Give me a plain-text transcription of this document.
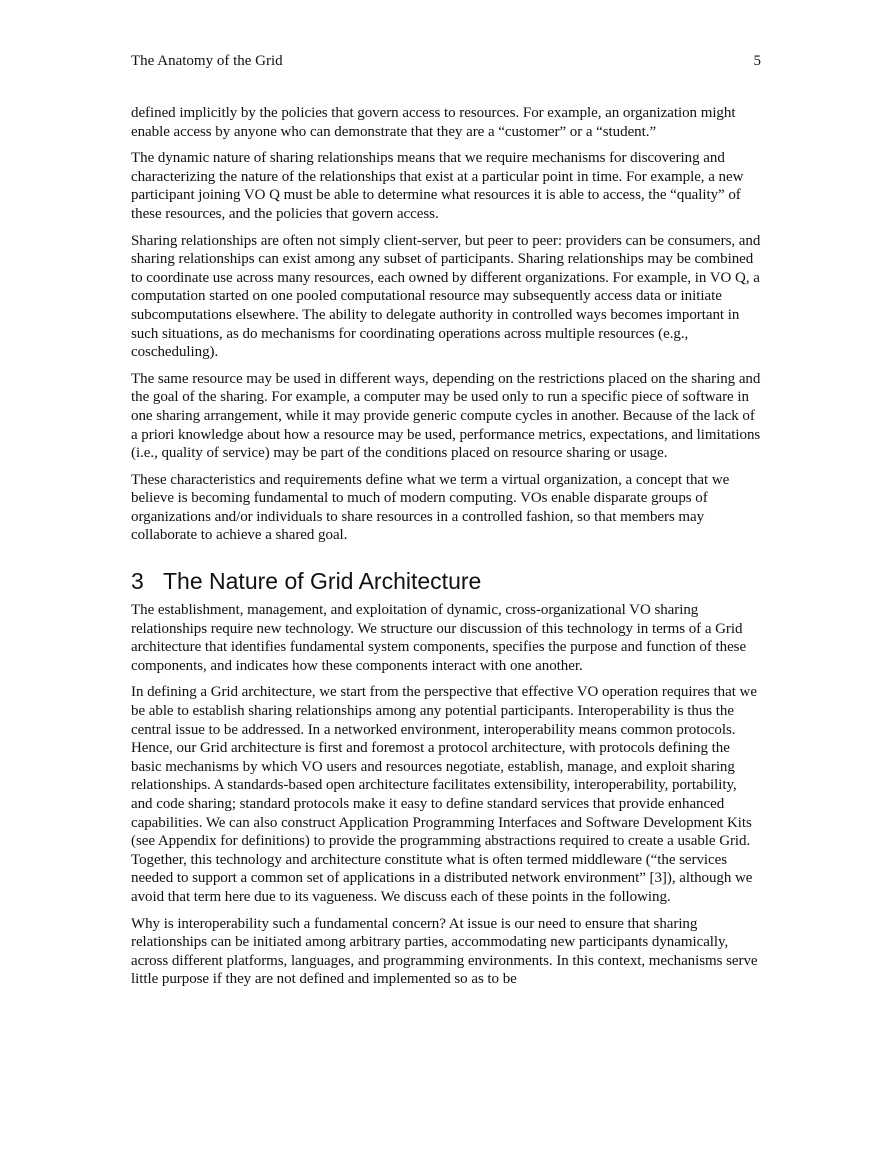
The Anatomy of the Grid	5

defined implicitly by the policies that govern access to resources. For example, an organization might enable access by anyone who can demonstrate that they are a “customer” or a “student.”

The dynamic nature of sharing relationships means that we require mechanisms for discovering and characterizing the nature of the relationships that exist at a particular point in time. For example, a new participant joining VO Q must be able to determine what resources it is able to access, the “quality” of these resources, and the policies that govern access.

Sharing relationships are often not simply client-server, but peer to peer: providers can be consumers, and sharing relationships can exist among any subset of participants. Sharing relationships may be combined to coordinate use across many resources, each owned by different organizations. For example, in VO Q, a computation started on one pooled computational resource may subsequently access data or initiate subcomputations elsewhere. The ability to delegate authority in controlled ways becomes important in such situations, as do mechanisms for coordinating operations across multiple resources (e.g., coscheduling).

The same resource may be used in different ways, depending on the restrictions placed on the sharing and the goal of the sharing. For example, a computer may be used only to run a specific piece of software in one sharing arrangement, while it may provide generic compute cycles in another. Because of the lack of a priori knowledge about how a resource may be used, performance metrics, expectations, and limitations (i.e., quality of service) may be part of the conditions placed on resource sharing or usage.

These characteristics and requirements define what we term a virtual organization, a concept that we believe is becoming fundamental to much of modern computing. VOs enable disparate groups of organizations and/or individuals to share resources in a controlled fashion, so that members may collaborate to achieve a shared goal.

3 The Nature of Grid Architecture

The establishment, management, and exploitation of dynamic, cross-organizational VO sharing relationships require new technology. We structure our discussion of this technology in terms of a Grid architecture that identifies fundamental system components, specifies the purpose and function of these components, and indicates how these components interact with one another.

In defining a Grid architecture, we start from the perspective that effective VO operation requires that we be able to establish sharing relationships among any potential participants. Interoperability is thus the central issue to be addressed. In a networked environment, interoperability means common protocols. Hence, our Grid architecture is first and foremost a protocol architecture, with protocols defining the basic mechanisms by which VO users and resources negotiate, establish, manage, and exploit sharing relationships. A standards-based open architecture facilitates extensibility, interoperability, portability, and code sharing; standard protocols make it easy to define standard services that provide enhanced capabilities. We can also construct Application Programming Interfaces and Software Development Kits (see Appendix for definitions) to provide the programming abstractions required to create a usable Grid. Together, this technology and architecture constitute what is often termed middleware (“the services needed to support a common set of applications in a distributed network environment” [3]), although we avoid that term here due to its vagueness. We discuss each of these points in the following.

Why is interoperability such a fundamental concern? At issue is our need to ensure that sharing relationships can be initiated among arbitrary parties, accommodating new participants dynamically, across different platforms, languages, and programming environments. In this context, mechanisms serve little purpose if they are not defined and implemented so as to be
